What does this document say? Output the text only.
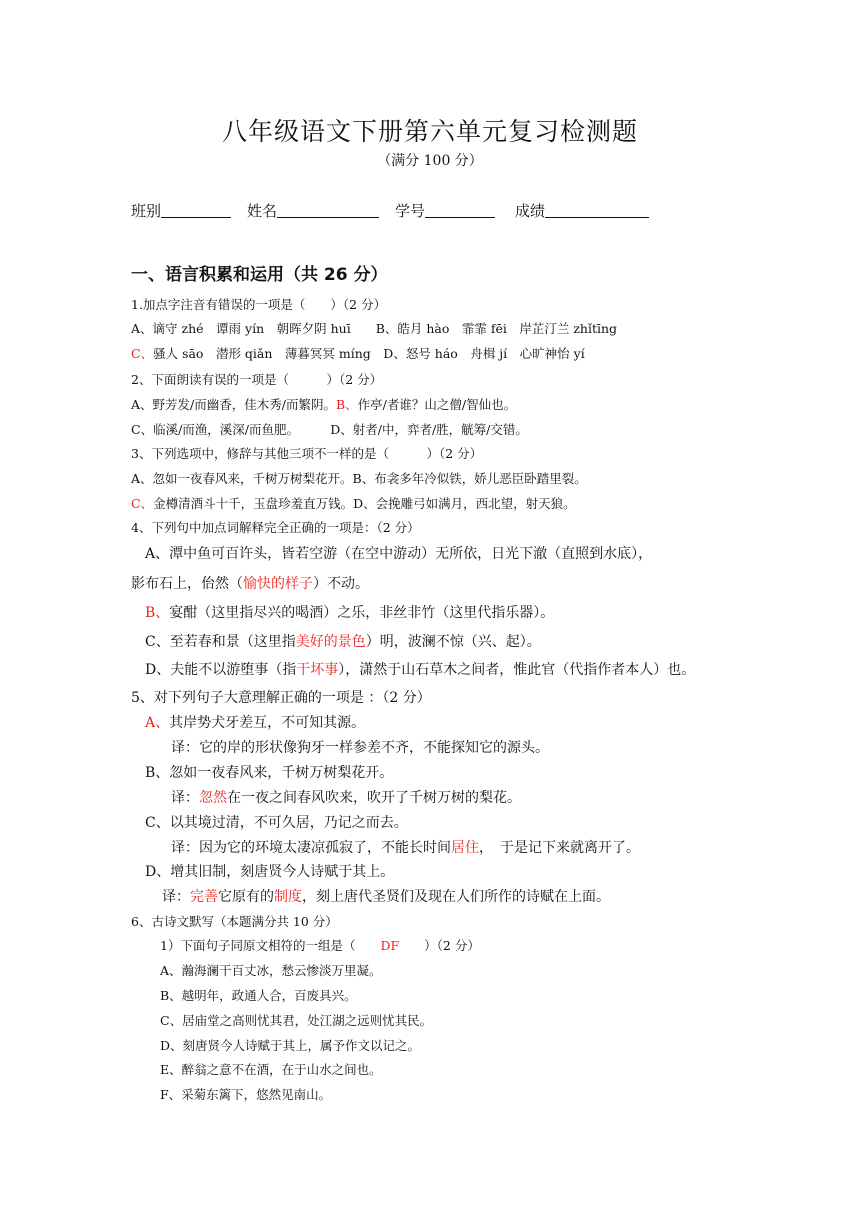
八年级语文下册第六单元复习检测题
（满分 100 分）
班别	姓名	学号	成绩
一、语言积累和运用（共 26 分）
1.加点字注音有错误的一项是（　　）（2 分）
A、谪守 zhé　谭雨 yín　朝晖夕阴 huī　　B、皓月 hào　霏霏 fēi　岸芷汀兰 zhǐtīng
C、骚人 sāo　潜形 qiǎn　薄暮冥冥 míng　D、怒号 háo　舟楫 jí　心旷神怡 yí
2、下面朗读有误的一项是（　　　）（2 分）
A、野芳发/而幽香，佳木秀/而繁阴。B、作亭/者谁？山之僧/智仙也。
C、临溪/而渔，溪深/而鱼肥。　　　D、射者/中，弈者/胜，觥筹/交错。
3、下列选项中，修辞与其他三项不一样的是（　　　）（2 分）
A、忽如一夜春风来，千树万树梨花开。B、布衾多年冷似铁，娇儿恶臣卧踏里裂。
C、金樽清酒斗十千，玉盘珍羞直万钱。D、会挽雕弓如满月，西北望，射天狼。
4、下列句中加点词解释完全正确的一项是：（2 分）
A、潭中鱼可百许头，皆若空游（在空中游动）无所依，日光下澈（直照到水底），
影布石上，佁然（愉快的样子）不动。
B、宴酣（这里指尽兴的喝酒）之乐，非丝非竹（这里代指乐器）。
C、至若春和景（这里指美好的景色）明，波澜不惊（兴、起）。
D、夫能不以游堕事（指干坏事），潇然于山石草木之间者，惟此官（代指作者本人）也。
5、对下列句子大意理解正确的一项是 ：（2 分）
A、其岸势犬牙差互，不可知其源。
译：它的岸的形状像狗牙一样参差不齐，不能探知它的源头。
B、忽如一夜春风来，千树万树梨花开。
译：忽然在一夜之间春风吹来，吹开了千树万树的梨花。
C、以其境过清，不可久居，乃记之而去。
译：因为它的环境太凄凉孤寂了，不能长时间居住，　于是记下来就离开了。
D、增其旧制，刻唐贤今人诗赋于其上。
译：完善它原有的制度，刻上唐代圣贤们及现在人们所作的诗赋在上面。
6、古诗文默写（本题满分共 10 分）
1）下面句子同原文相符的一组是（　　DF　　）（2 分）
A、瀚海澜干百丈冰，愁云惨淡万里凝。
B、越明年，政通人合，百废具兴。
C、居庙堂之高则忧其君，处江湖之远则忧其民。
D、刻唐贤今人诗赋于其上，属予作文以记之。
E、醉翁之意不在酒，在于山水之间也。
F、采菊东篱下，悠然见南山。
